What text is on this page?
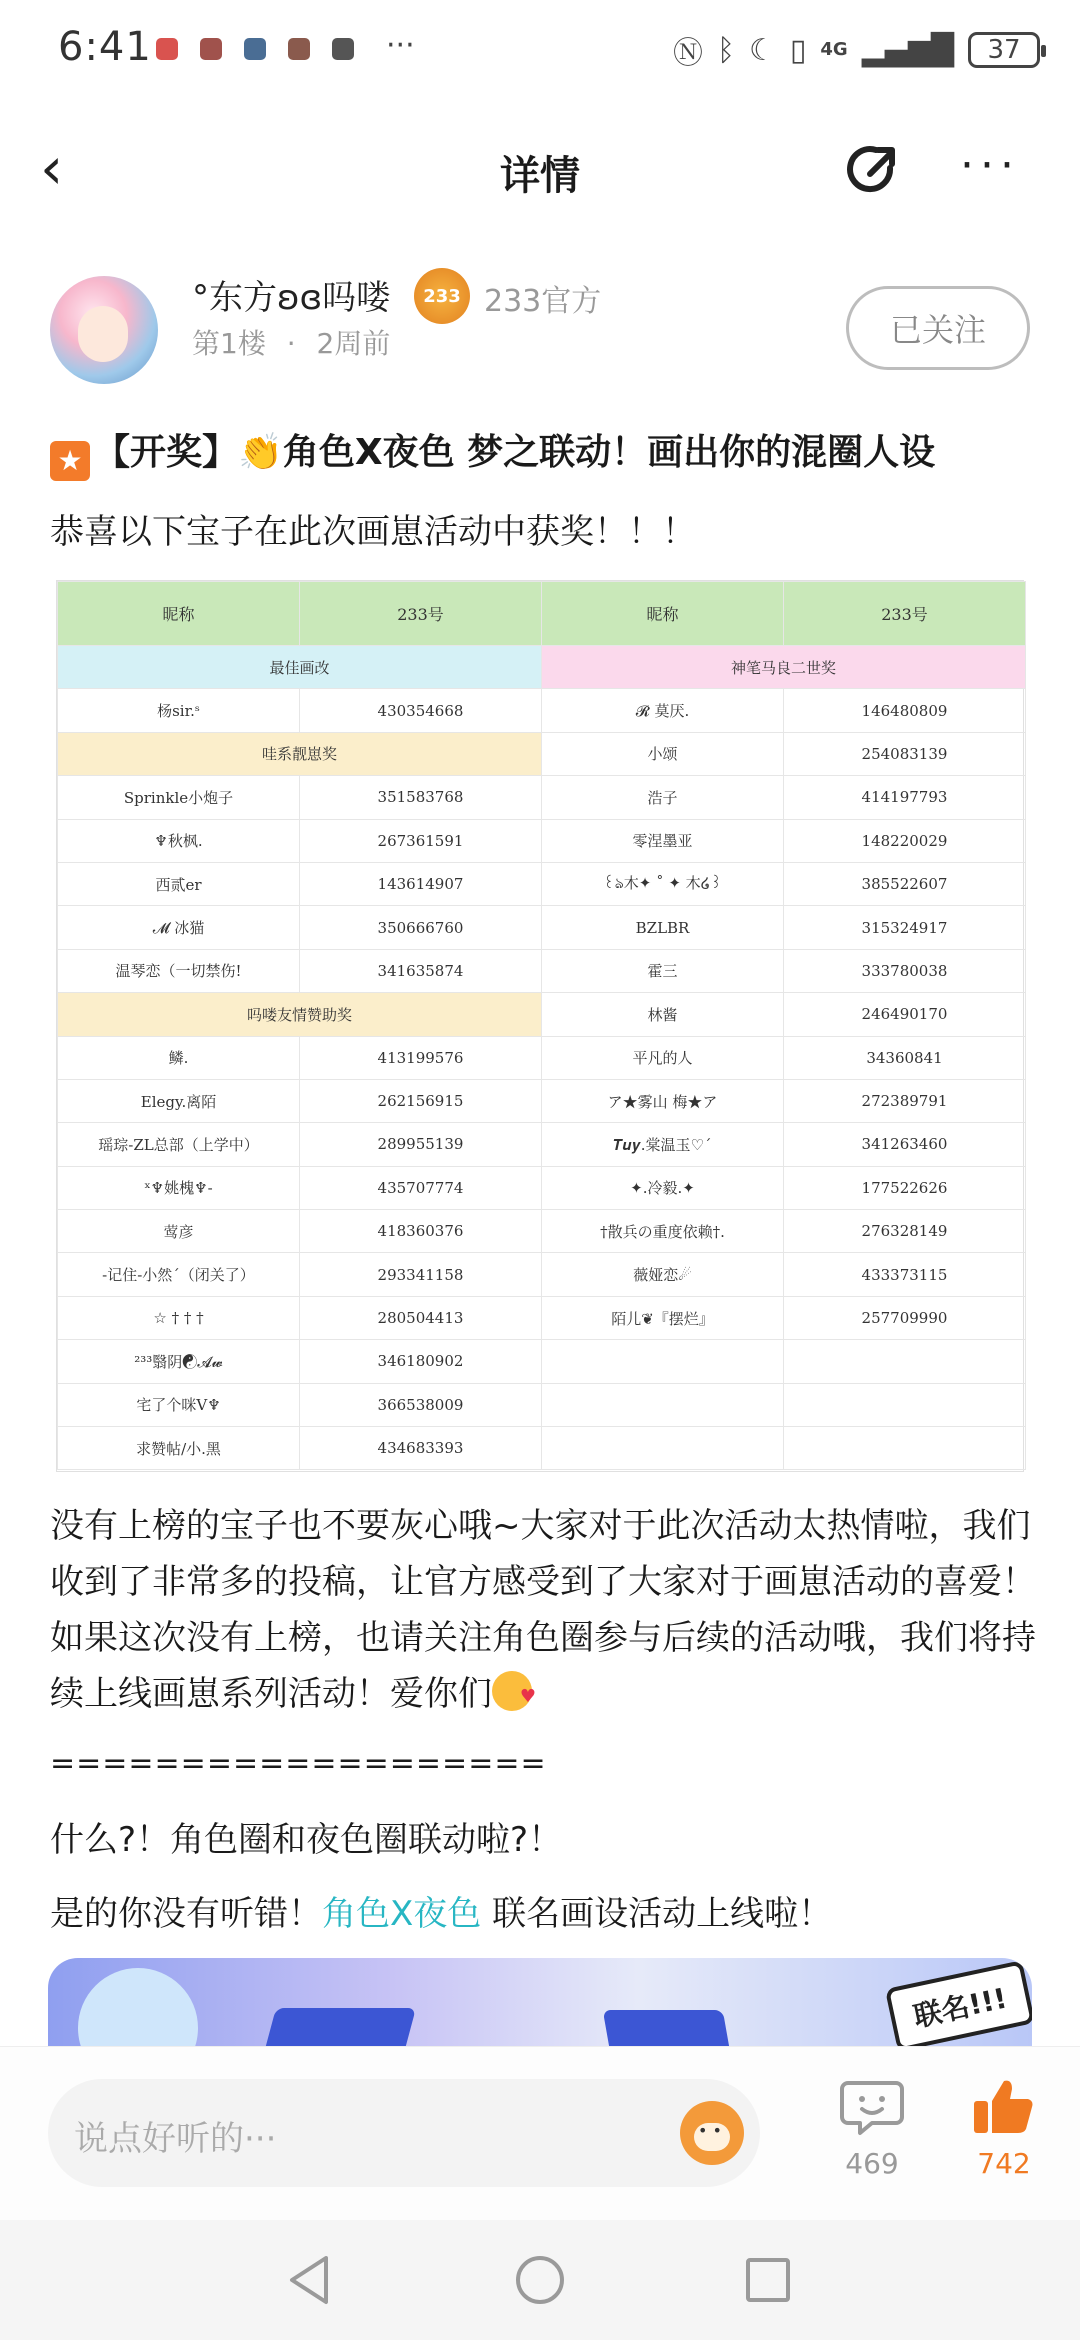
6:41	···	Ⓝ ᛒ ☾ ▯ 4G ▂▄▆█ 37
‹	详情	···
°东方ʚɞ吗喽	233 233官方
第1楼 · 2周前	已关注
★ 【开奖】👏角色X夜色 梦之联动！画出你的混圈人设
恭喜以下宝子在此次画崽活动中获奖！！！
昵称	233号	昵称	233号
最佳画改		神笔马良二世奖	
杨sir.ˢ	430354668	𝓡 莫厌.	146480809
哇系靓崽奖		小颂	254083139
Sprinkle小炮子	351583768	浩子	414197793
♆秋枫.	267361591	零涅墨亚	148220029
西贰er	143614907	꒰ঌ木✦ ˚ ✦ 木໒꒱	385522607
𝓜 冰猫	350666760	BZLBR	315324917
温琴恋（一切禁伤!	341635874	霍三	333780038
吗喽友情赞助奖		林酱	246490170
鳞.	413199576	平凡的人	34360841
Elegy.离陌	262156915	ア★雾山 梅★ア	272389791
瑶琮-ZL总部（上学中）	289955139	𝑻𝒖𝒚.棠温玉♡ˊ	341263460
ˣ♆姚槐♆-	435707774	✦.冷毅.✦	177522626
莺彦	418360376	†散兵の重度依赖†.	276328149
-记住-小然ˊ（闭关了）	293341158	薇娅恋☄	433373115
☆ † † †	280504413	陌儿❦『摆烂』	257709990
²³³翳阴☯𝓐𝔀	346180902		
宅了个咪V♆	366538009		
求赞帖/小.黑	434683393		
没有上榜的宝子也不要灰心哦~大家对于此次活动太热情啦，我们收到了非常多的投稿，让官方感受到了大家对于画崽活动的喜爱！如果这次没有上榜，也请关注角色圈参与后续的活动哦，我们将持续上线画崽系列活动！爱你们♥
===================
什么?！角色圈和夜色圈联动啦?！
是的你没有听错！角色X夜色 联名画设活动上线啦！
联名!!!
说点好听的···
• •
469	742
